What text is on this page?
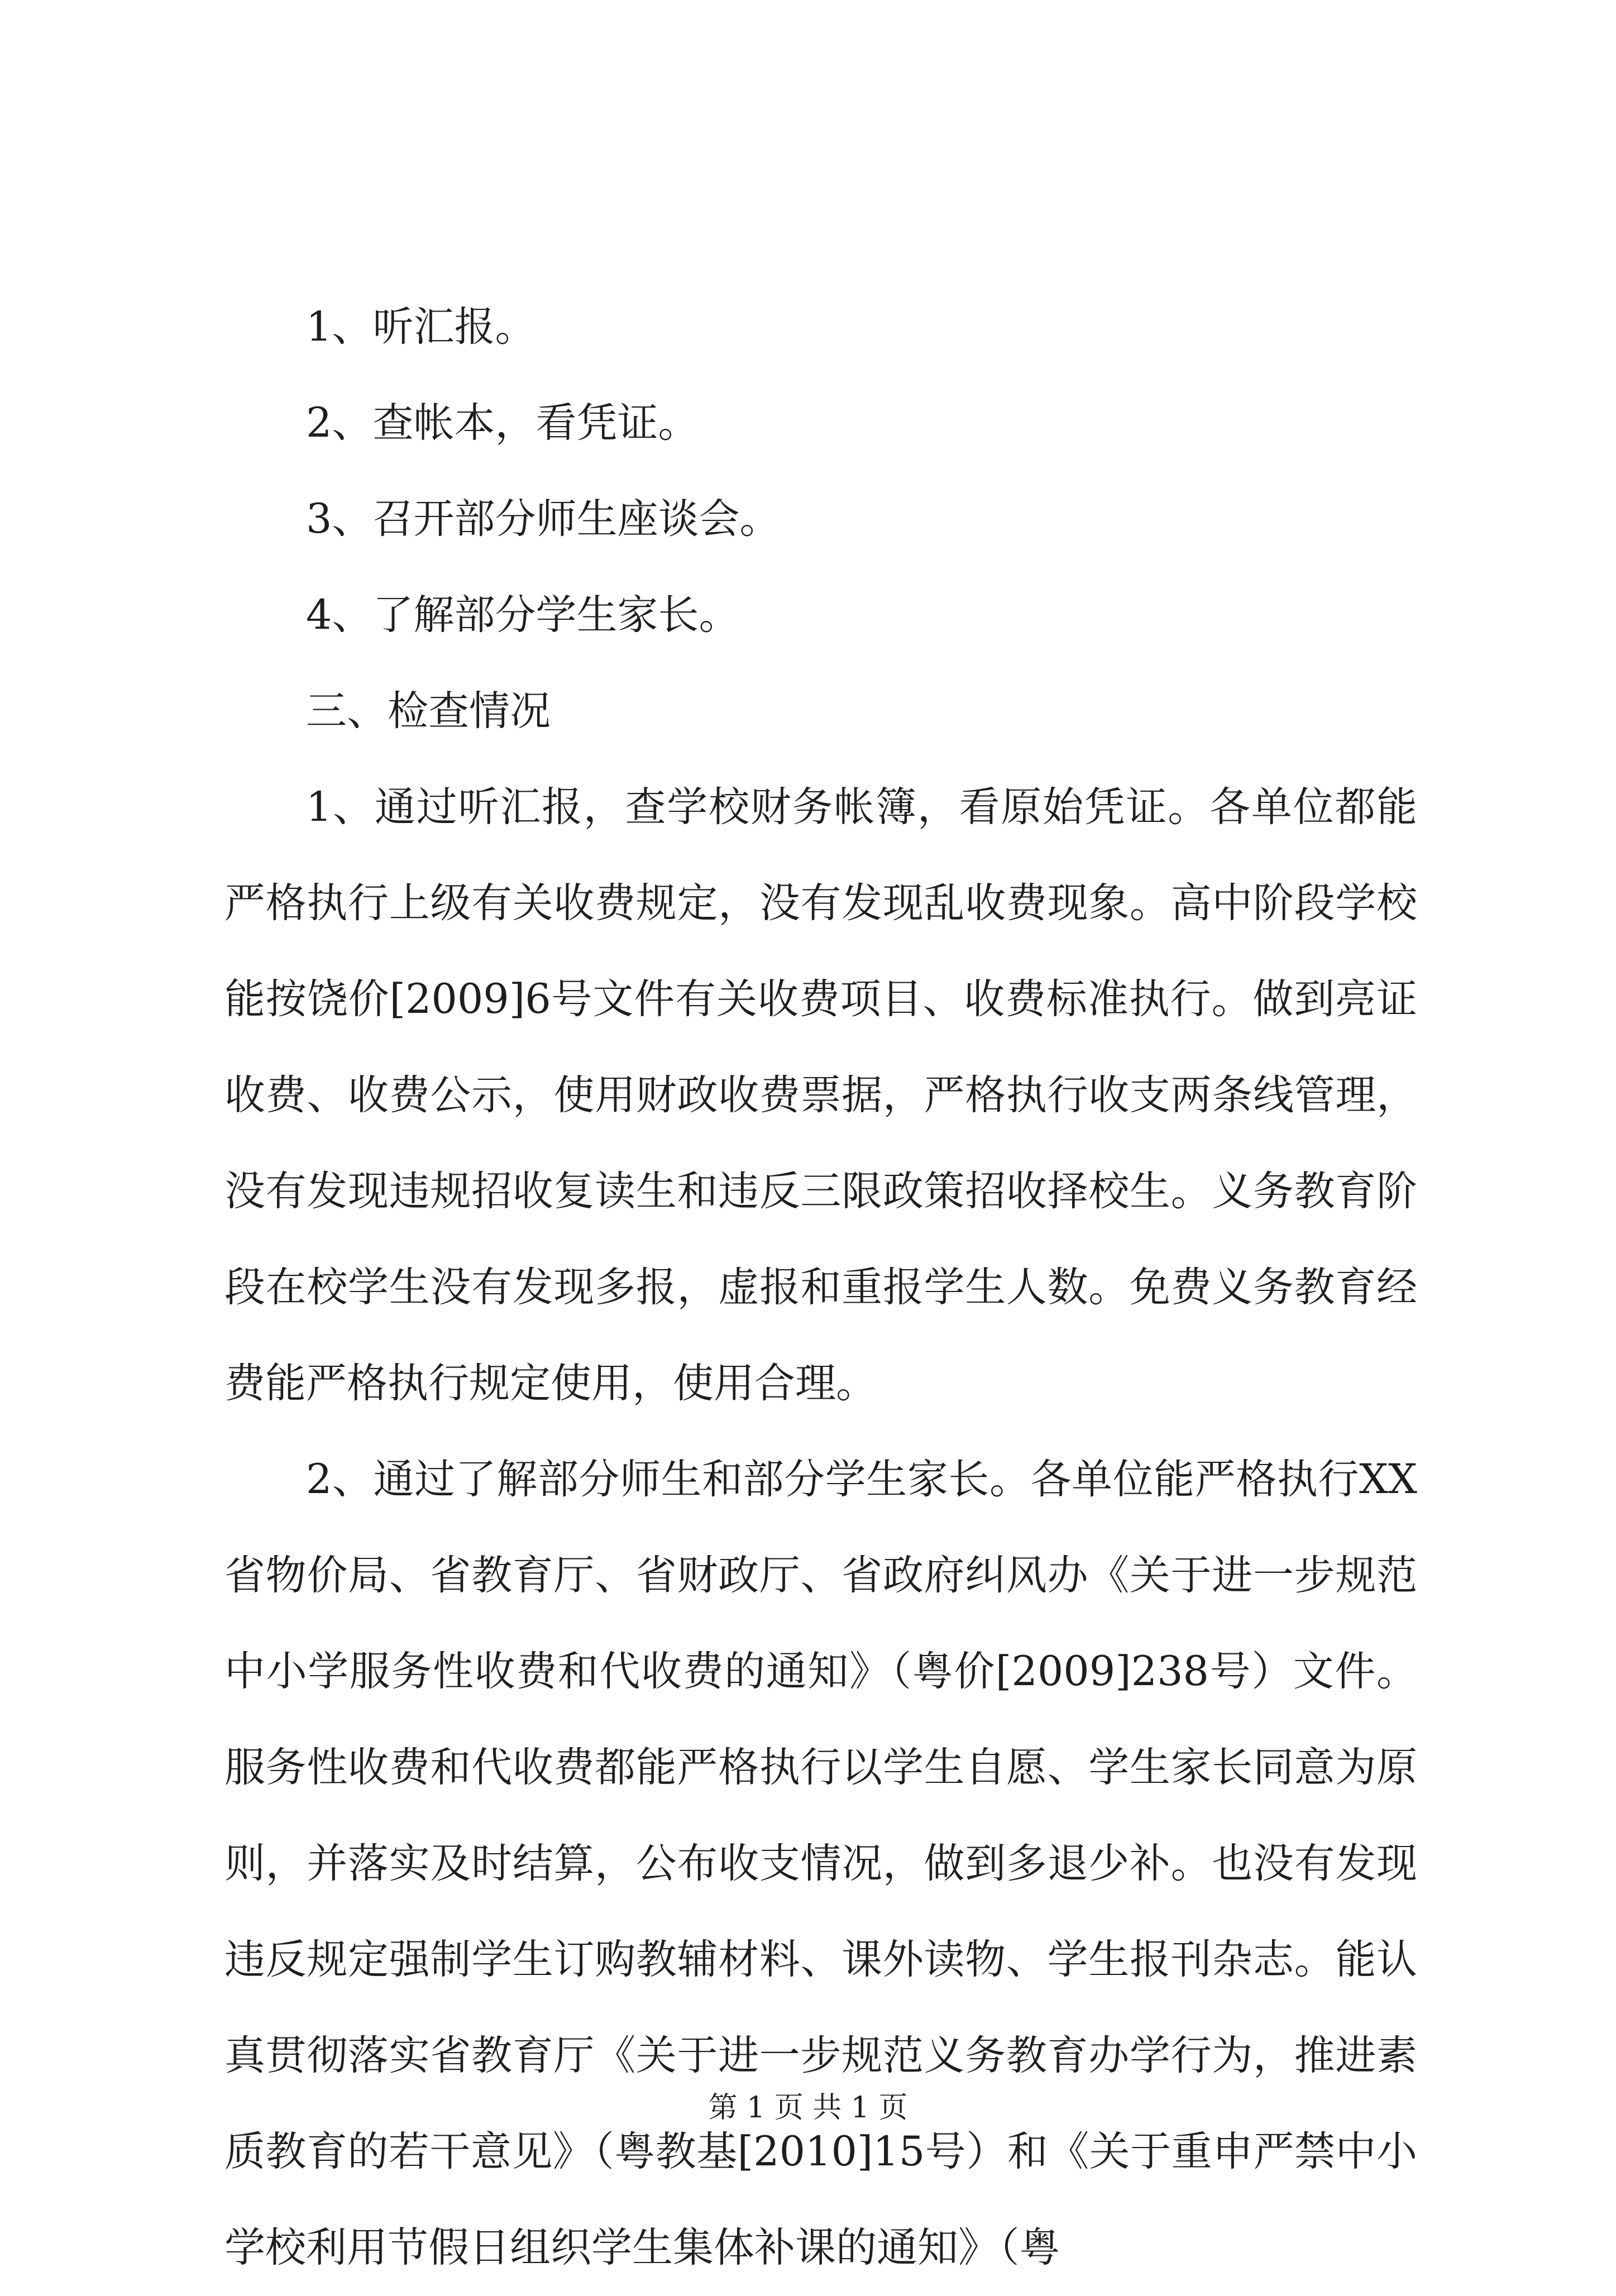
1、听汇报。

2、查帐本，看凭证。

3、召开部分师生座谈会。

4、了解部分学生家长。

三、检查情况

1、通过听汇报，查学校财务帐簿，看原始凭证。各单位都能严格执行上级有关收费规定，没有发现乱收费现象。高中阶段学校能按饶价[2009]6号文件有关收费项目、收费标准执行。做到亮证收费、收费公示，使用财政收费票据，严格执行收支两条线管理，没有发现违规招收复读生和违反三限政策招收择校生。义务教育阶段在校学生没有发现多报，虚报和重报学生人数。免费义务教育经费能严格执行规定使用，使用合理。

2、通过了解部分师生和部分学生家长。各单位能严格执行XX省物价局、省教育厅、省财政厅、省政府纠风办《关于进一步规范中小学服务性收费和代收费的通知》（粤价[2009]238号）文件。服务性收费和代收费都能严格执行以学生自愿、学生家长同意为原则，并落实及时结算，公布收支情况，做到多退少补。也没有发现违反规定强制学生订购教辅材料、课外读物、学生报刊杂志。能认真贯彻落实省教育厅《关于进一步规范义务教育办学行为，推进素质教育的若干意见》（粤教基[2010]15号）和《关于重申严禁中小学校利用节假日组织学生集体补课的通知》（粤

第 1 页 共 1 页
